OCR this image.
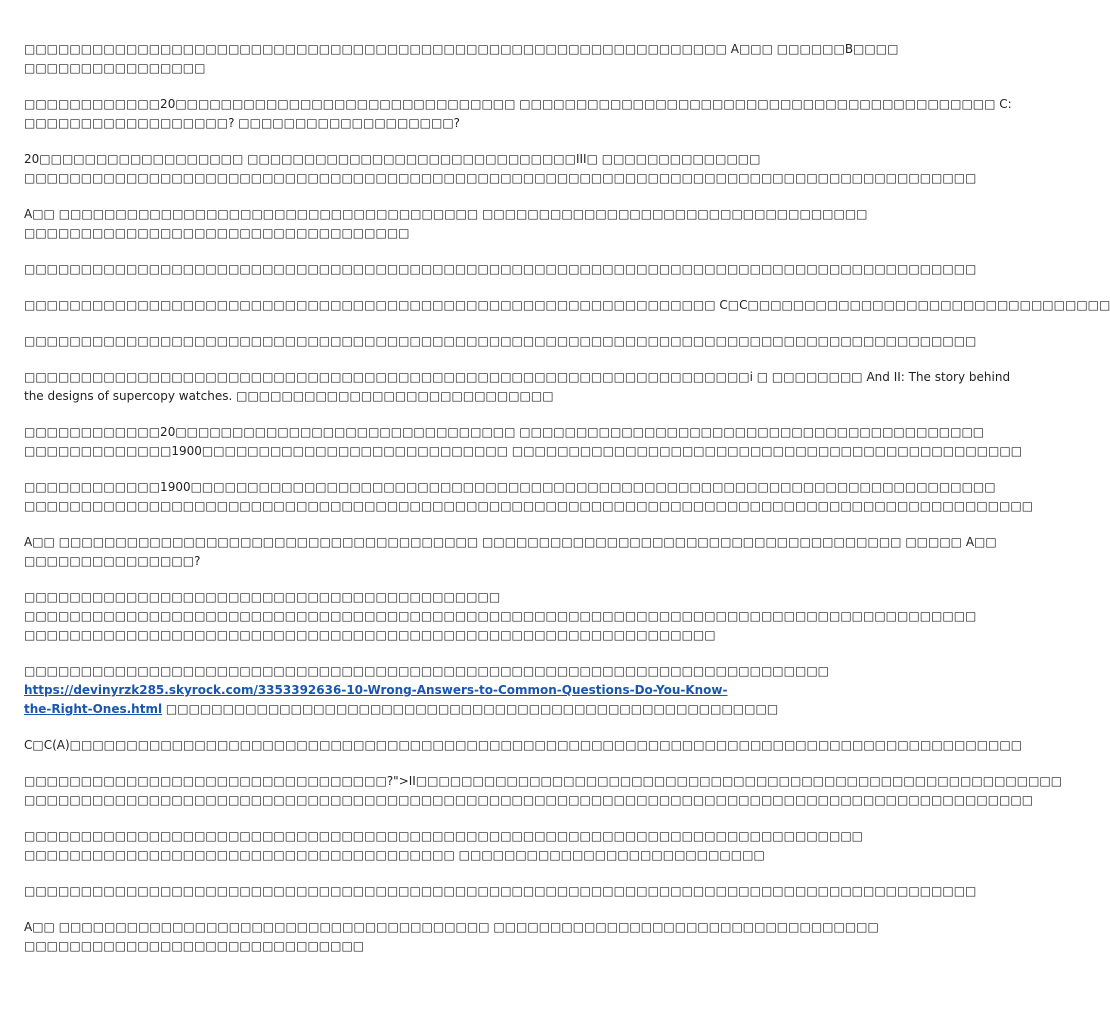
□□□□□□□□□□□□□□□□□□□□□□□□□□□□□□□□□□□□□□□□□□□□□□□□□□□□□□□□□□□□□□ A□□□ □□□□□□B□□□□
□□□□□□□□□□□□□□□□

□□□□□□□□□□□□20□□□□□□□□□□□□□□□□□□□□□□□□□□□□□□ □□□□□□□□□□□□□□□□□□□□□□□□□□□□□□□□□□□□□□□□□□ C:
□□□□□□□□□□□□□□□□□□? □□□□□□□□□□□□□□□□□□□?

20□□□□□□□□□□□□□□□□□□ □□□□□□□□□□□□□□□□□□□□□□□□□□□□□III□ □□□□□□□□□□□□□□
□□□□□□□□□□□□□□□□□□□□□□□□□□□□□□□□□□□□□□□□□□□□□□□□□□□□□□□□□□□□□□□□□□□□□□□□□□□□□□□□□□□□

A□□ □□□□□□□□□□□□□□□□□□□□□□□□□□□□□□□□□□□□□ □□□□□□□□□□□□□□□□□□□□□□□□□□□□□□□□□□
□□□□□□□□□□□□□□□□□□□□□□□□□□□□□□□□□□

□□□□□□□□□□□□□□□□□□□□□□□□□□□□□□□□□□□□□□□□□□□□□□□□□□□□□□□□□□□□□□□□□□□□□□□□□□□□□□□□□□□□

□□□□□□□□□□□□□□□□□□□□□□□□□□□□□□□□□□□□□□□□□□□□□□□□□□□□□□□□□□□□□ C□C□□□□□□□□□□□□□□□□□□□□□□□□□□□□□□□□

□□□□□□□□□□□□□□□□□□□□□□□□□□□□□□□□□□□□□□□□□□□□□□□□□□□□□□□□□□□□□□□□□□□□□□□□□□□□□□□□□□□□

□□□□□□□□□□□□□□□□□□□□□□□□□□□□□□□□□□□□□□□□□□□□□□□□□□□□□□□□□□□□□□□□i □ □□□□□□□□ And II: The story behind
the designs of supercopy watches. □□□□□□□□□□□□□□□□□□□□□□□□□□□□

□□□□□□□□□□□□20□□□□□□□□□□□□□□□□□□□□□□□□□□□□□□ □□□□□□□□□□□□□□□□□□□□□□□□□□□□□□□□□□□□□□□□□
□□□□□□□□□□□□□1900□□□□□□□□□□□□□□□□□□□□□□□□□□□ □□□□□□□□□□□□□□□□□□□□□□□□□□□□□□□□□□□□□□□□□□□□□

□□□□□□□□□□□□1900□□□□□□□□□□□□□□□□□□□□□□□□□□□□□□□□□□□□□□□□□□□□□□□□□□□□□□□□□□□□□□□□□□□□□□□
□□□□□□□□□□□□□□□□□□□□□□□□□□□□□□□□□□□□□□□□□□□□□□□□□□□□□□□□□□□□□□□□□□□□□□□□□□□□□□□□□□□□□□□□□

A□□ □□□□□□□□□□□□□□□□□□□□□□□□□□□□□□□□□□□□□ □□□□□□□□□□□□□□□□□□□□□□□□□□□□□□□□□□□□□ □□□□□ A□□
□□□□□□□□□□□□□□□?

□□□□□□□□□□□□□□□□□□□□□□□□□□□□□□□□□□□□□□□□□□
□□□□□□□□□□□□□□□□□□□□□□□□□□□□□□□□□□□□□□□□□□□□□□□□□□□□□□□□□□□□□□□□□□□□□□□□□□□□□□□□□□□□
□□□□□□□□□□□□□□□□□□□□□□□□□□□□□□□□□□□□□□□□□□□□□□□□□□□□□□□□□□□□□

□□□□□□□□□□□□□□□□□□□□□□□□□□□□□□□□□□□□□□□□□□□□□□□□□□□□□□□□□□□□□□□□□□□□□□□
https://devinyrzk285.skyrock.com/3353392636-10-Wrong-Answers-to-Common-Questions-Do-You-Know-
the-Right-Ones.html □□□□□□□□□□□□□□□□□□□□□□□□□□□□□□□□□□□□□□□□□□□□□□□□□□□□□□

C□C(A)□□□□□□□□□□□□□□□□□□□□□□□□□□□□□□□□□□□□□□□□□□□□□□□□□□□□□□□□□□□□□□□□□□□□□□□□□□□□□□□□□□□□

□□□□□□□□□□□□□□□□□□□□□□□□□□□□□□□□?">II□□□□□□□□□□□□□□□□□□□□□□□□□□□□□□□□□□□□□□□□□□□□□□□□□□□□□□□□□
□□□□□□□□□□□□□□□□□□□□□□□□□□□□□□□□□□□□□□□□□□□□□□□□□□□□□□□□□□□□□□□□□□□□□□□□□□□□□□□□□□□□□□□□□

□□□□□□□□□□□□□□□□□□□□□□□□□□□□□□□□□□□□□□□□□□□□□□□□□□□□□□□□□□□□□□□□□□□□□□□□□□
□□□□□□□□□□□□□□□□□□□□□□□□□□□□□□□□□□□□□□ □□□□□□□□□□□□□□□□□□□□□□□□□□□

□□□□□□□□□□□□□□□□□□□□□□□□□□□□□□□□□□□□□□□□□□□□□□□□□□□□□□□□□□□□□□□□□□□□□□□□□□□□□□□□□□□□

A□□ □□□□□□□□□□□□□□□□□□□□□□□□□□□□□□□□□□□□□□ □□□□□□□□□□□□□□□□□□□□□□□□□□□□□□□□□□
□□□□□□□□□□□□□□□□□□□□□□□□□□□□□□
